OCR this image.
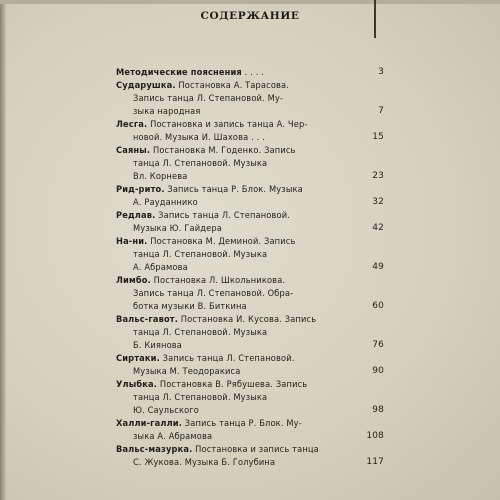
СОДЕРЖАНИЕ
Методические пояснения . . . .	3
Сударушка. Постановка А. Тарасова.
Запись танца Л. Степановой. Му-
зыка народная	7
Лесга. Постановка и запись танца А. Чер-
новой. Музыка И. Шахова . . .	15
Саяны. Постановка М. Годенко. Запись
танца Л. Степановой. Музыка
Вл. Корнева	23
Рид-рито. Запись танца Р. Блок. Музыка
А. Рауданнико	32
Редлав. Запись танца Л. Степановой.
Музыка Ю. Гайдера	42
На-ни. Постановка М. Деминой. Запись
танца Л. Степановой. Музыка
А. Абрамова	49
Лимбо. Постановка Л. Школьникова.
Запись танца Л. Степановой. Обра-
ботка музыки В. Биткина	60
Вальс-гавот. Постановка И. Кусова. Запись
танца Л. Степановой. Музыка
Б. Киянова	76
Сиртаки. Запись танца Л. Степановой.
Музыка М. Теодоракиса	90
Улыбка. Постановка В. Рябушева. Запись
танца Л. Степановой. Музыка
Ю. Саульского	98
Халли-галли. Запись танца Р. Блок. Му-
зыка А. Абрамова	108
Вальс-мазурка. Постановка и запись танца
С. Жукова. Музыка Б. Голубина	117
